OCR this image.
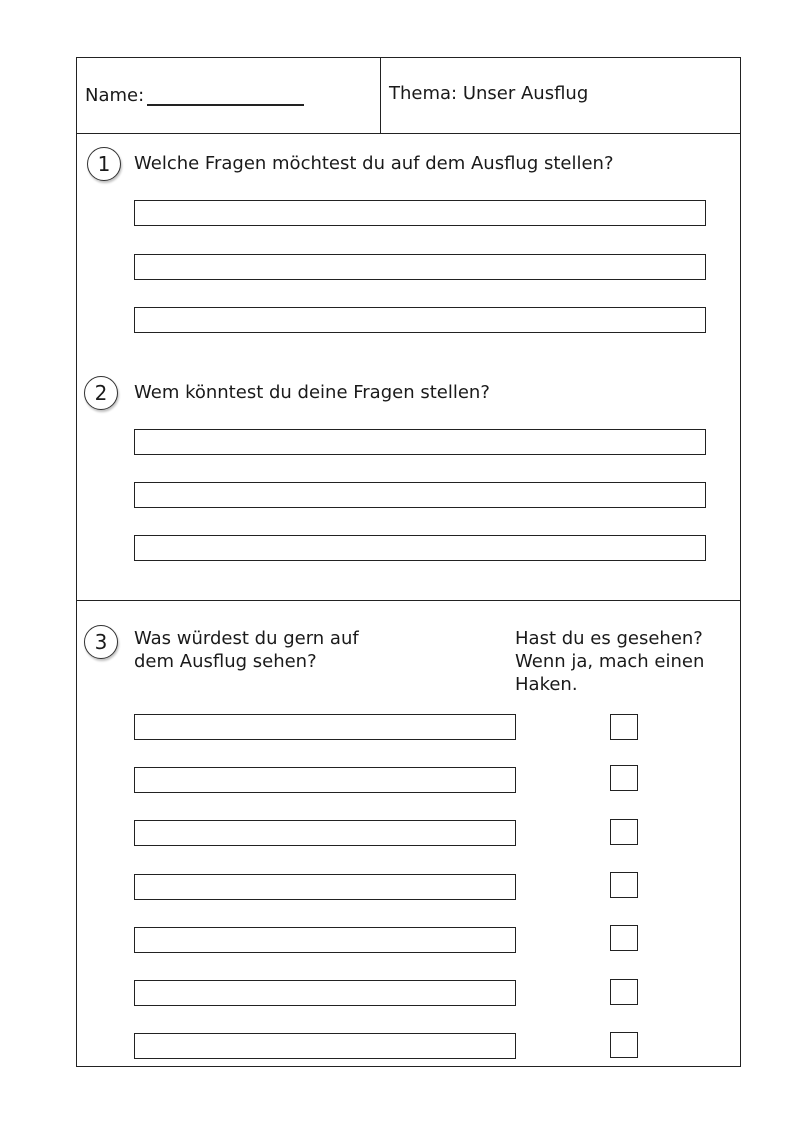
Name:	Thema: Unser Ausflug
1	Welche Fragen möchtest du auf dem Ausflug stellen?
2	Wem könntest du deine Fragen stellen?
3	Was würdest du gern auf
dem Ausflug sehen?
Hast du es gesehen?
Wenn ja, mach einen
Haken.
